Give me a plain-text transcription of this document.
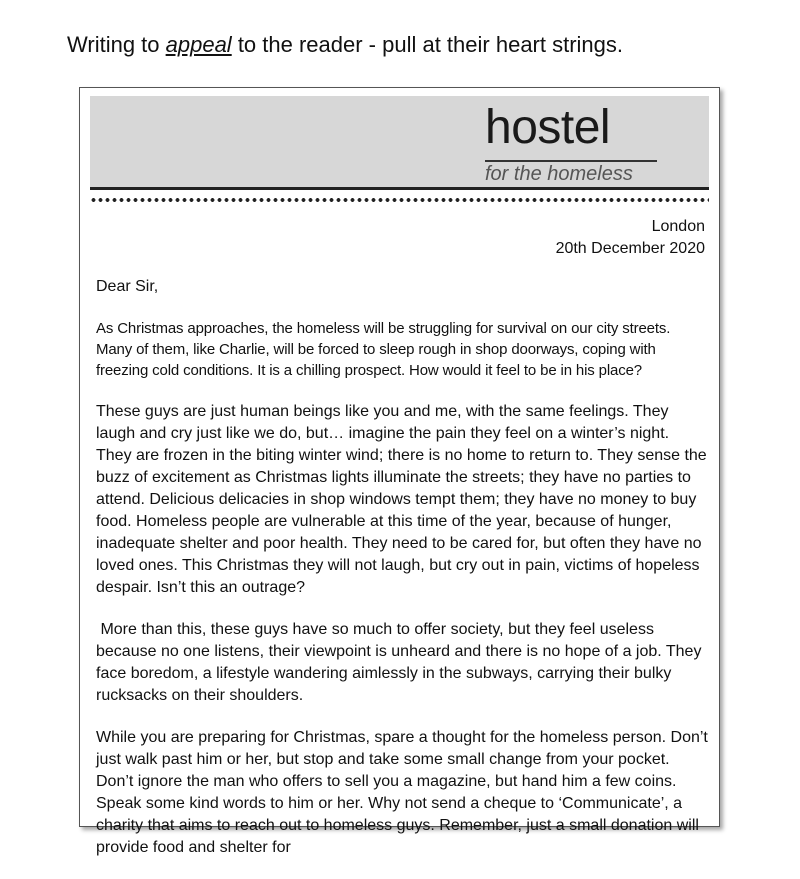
Writing to appeal to the reader - pull at their heart strings.
hostel
for the homeless
London
20th December 2020

Dear Sir,

As Christmas approaches, the homeless will be struggling for survival on our city streets. Many of them, like Charlie, will be forced to sleep rough in shop doorways, coping with freezing cold conditions. It is a chilling prospect. How would it feel to be in his place?

These guys are just human beings like you and me, with the same feelings. They laugh and cry just like we do, but… imagine the pain they feel on a winter’s night. They are frozen in the biting winter wind; there is no home to return to. They sense the buzz of excitement as Christmas lights illuminate the streets; they have no parties to attend. Delicious delicacies in shop windows tempt them; they have no money to buy food. Homeless people are vulnerable at this time of the year, because of hunger, inadequate shelter and poor health. They need to be cared for, but often they have no loved ones. This Christmas they will not laugh, but cry out in pain, victims of hopeless despair. Isn’t this an outrage?

More than this, these guys have so much to offer society, but they feel useless because no one listens, their viewpoint is unheard and there is no hope of a job. They face boredom, a lifestyle wandering aimlessly in the subways, carrying their bulky rucksacks on their shoulders.

While you are preparing for Christmas, spare a thought for the homeless person. Don’t just walk past him or her, but stop and take some small change from your pocket. Don’t ignore the man who offers to sell you a magazine, but hand him a few coins. Speak some kind words to him or her. Why not send a cheque to ‘Communicate’, a charity that aims to reach out to homeless guys. Remember, just a small donation will provide food and shelter for
